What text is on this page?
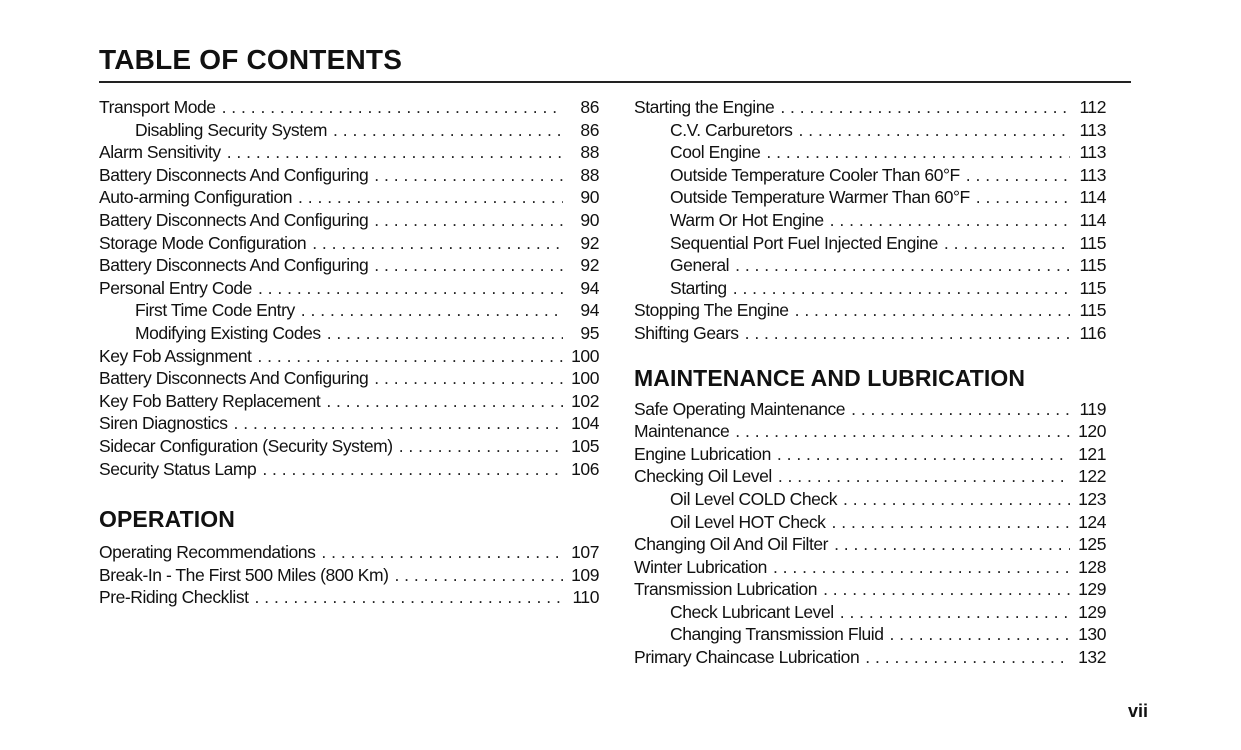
TABLE OF CONTENTS
Transport Mode . . .	86
Disabling Security System . . .	86
Alarm Sensitivity . . .	88
Battery Disconnects And Configuring . . .	88
Auto-arming Configuration . . .	90
Battery Disconnects And Configuring . . .	90
Storage Mode Configuration . . .	92
Battery Disconnects And Configuring . . .	92
Personal Entry Code . . .	94
First Time Code Entry . . .	94
Modifying Existing Codes . . .	95
Key Fob Assignment . . .	100
Battery Disconnects And Configuring . . .	100
Key Fob Battery Replacement . . .	102
Siren Diagnostics . . .	104
Sidecar Configuration (Security System) . . .	105
Security Status Lamp . . .	106
OPERATION
Operating Recommendations . . .	107
Break-In - The First 500 Miles (800 Km) . . .	109
Pre-Riding Checklist . . .	110
Starting the Engine . . .	112
C.V. Carburetors . . .	113
Cool Engine . . .	113
Outside Temperature Cooler Than 60°F . . .	113
Outside Temperature Warmer Than 60°F . . .	114
Warm Or Hot Engine . . .	114
Sequential Port Fuel Injected Engine . . .	115
General . . .	115
Starting . . .	115
Stopping The Engine . . .	115
Shifting Gears . . .	116
MAINTENANCE AND LUBRICATION
Safe Operating Maintenance . . .	119
Maintenance . . .	120
Engine Lubrication . . .	121
Checking Oil Level . . .	122
Oil Level COLD Check . . .	123
Oil Level HOT Check . . .	124
Changing Oil And Oil Filter . . .	125
Winter Lubrication . . .	128
Transmission Lubrication . . .	129
Check Lubricant Level . . .	129
Changing Transmission Fluid . . .	130
Primary Chaincase Lubrication . . .	132
vii
